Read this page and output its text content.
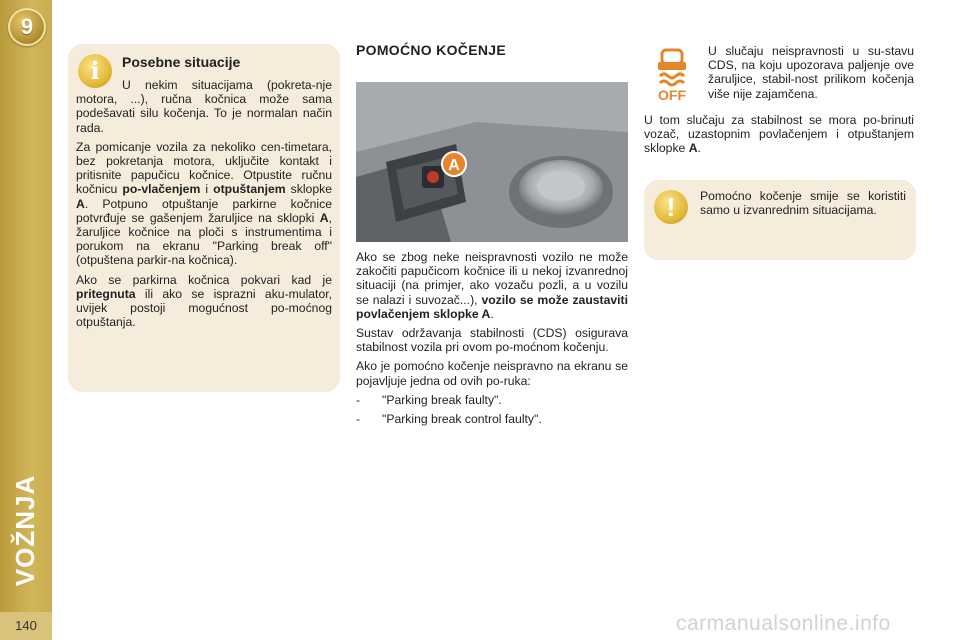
9
VOŽNJA
140
i	Posebne situacije

U nekim situacijama (pokreta-nje motora, ...), ručna kočnica može sama podešavati silu kočenja. To je normalan način rada.

Za pomicanje vozila za nekoliko cen-timetara, bez pokretanja motora, uključite kontakt i pritisnite papučicu kočnice. Otpustite ručnu kočnicu po-vlačenjem i otpuštanjem sklopke A. Potpuno otpuštanje parkirne kočnice potvrđuje se gašenjem žaruljice na sklopki A, žaruljice kočnice na ploči s instrumentima i porukom na ekranu "Parking break off" (otpuštena parkir-na kočnica).

Ako se parkirna kočnica pokvari kad je pritegnuta ili ako se isprazni aku-mulator, uvijek postoji mogućnost po-moćnog otpuštanja.

POMOĆNO KOČENJE
A

Ako se zbog neke neispravnosti vozilo ne može zakočiti papučicom kočnice ili u nekoj izvanrednoj situaciji (na primjer, ako vozaču pozli, a u vozilu se nalazi i suvozač...), vozilo se može zaustaviti povlačenjem sklopke A.

Sustav održavanja stabilnosti (CDS) osigurava stabilnost vozila pri ovom po-moćnom kočenju.

Ako je pomoćno kočenje neispravno na ekranu se pojavljuje jedna od ovih po-ruka:

-	"Parking break faulty".
-	"Parking break control faulty".
OFF
U slučaju neispravnosti u su-stavu CDS, na koju upozorava paljenje ove žaruljice, stabil-nost prilikom kočenja više nije zajamčena.
U tom slučaju za stabilnost se mora po-brinuti vozač, uzastopnim povlačenjem i otpuštanjem sklopke A.
!	Pomoćno kočenje smije se koristiti samo u izvanrednim situacijama.
carmanualsonline.info
